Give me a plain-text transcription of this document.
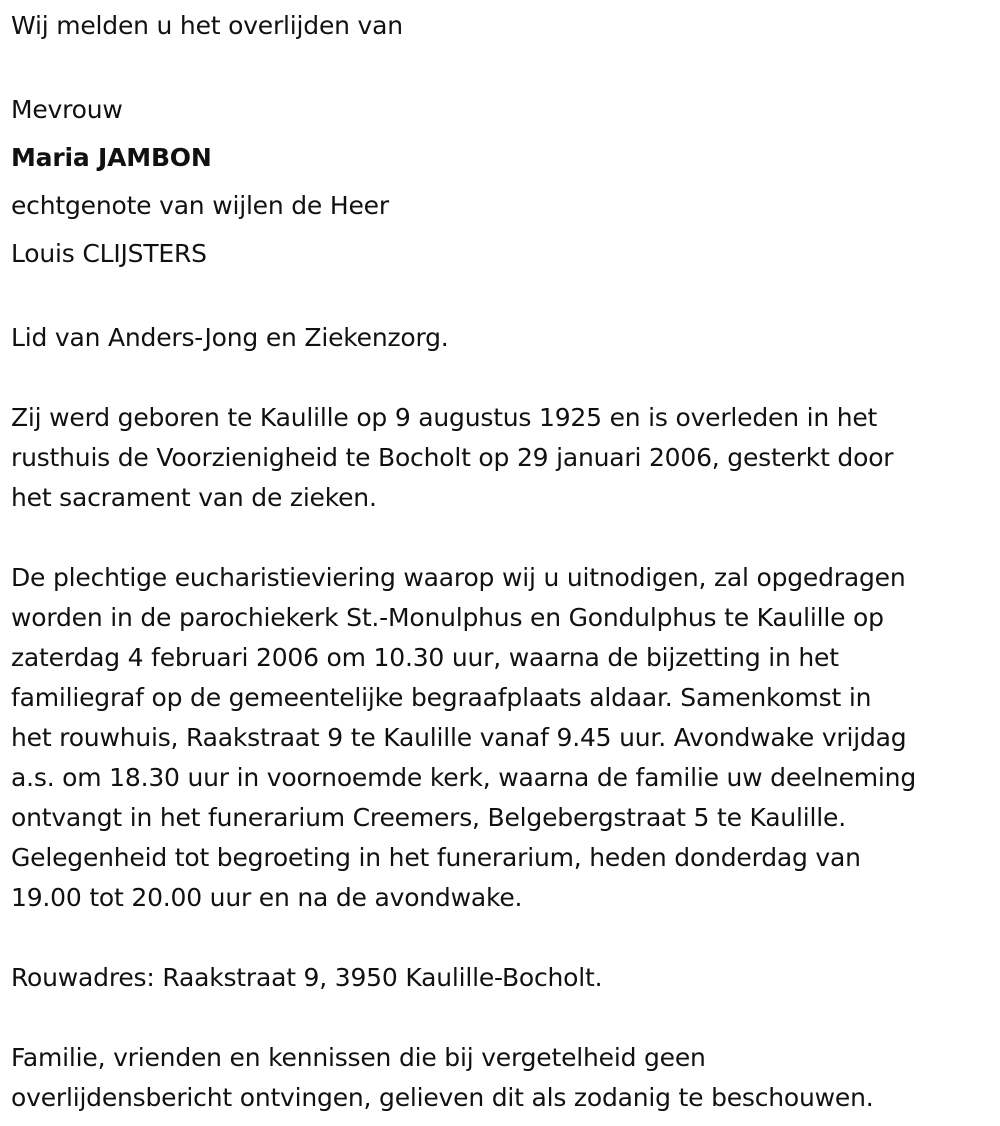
Wij melden u het overlijden van

Mevrouw

Maria JAMBON

echtgenote van wijlen de Heer

Louis CLIJSTERS

Lid van Anders-Jong en Ziekenzorg.

Zij werd geboren te Kaulille op 9 augustus 1925 en is overleden in het

rusthuis de Voorzienigheid te Bocholt op 29 januari 2006, gesterkt door

het sacrament van de zieken.

De plechtige eucharistieviering waarop wij u uitnodigen, zal opgedragen

worden in de parochiekerk St.-Monulphus en Gondulphus te Kaulille op

zaterdag 4 februari 2006 om 10.30 uur, waarna de bijzetting in het

familiegraf op de gemeentelijke begraafplaats aldaar. Samenkomst in

het rouwhuis, Raakstraat 9 te Kaulille vanaf 9.45 uur. Avondwake vrijdag

a.s. om 18.30 uur in voornoemde kerk, waarna de familie uw deelneming

ontvangt in het funerarium Creemers, Belgebergstraat 5 te Kaulille.

Gelegenheid tot begroeting in het funerarium, heden donderdag van

19.00 tot 20.00 uur en na de avondwake.

Rouwadres: Raakstraat 9, 3950 Kaulille-Bocholt.

Familie, vrienden en kennissen die bij vergetelheid geen

overlijdensbericht ontvingen, gelieven dit als zodanig te beschouwen.
